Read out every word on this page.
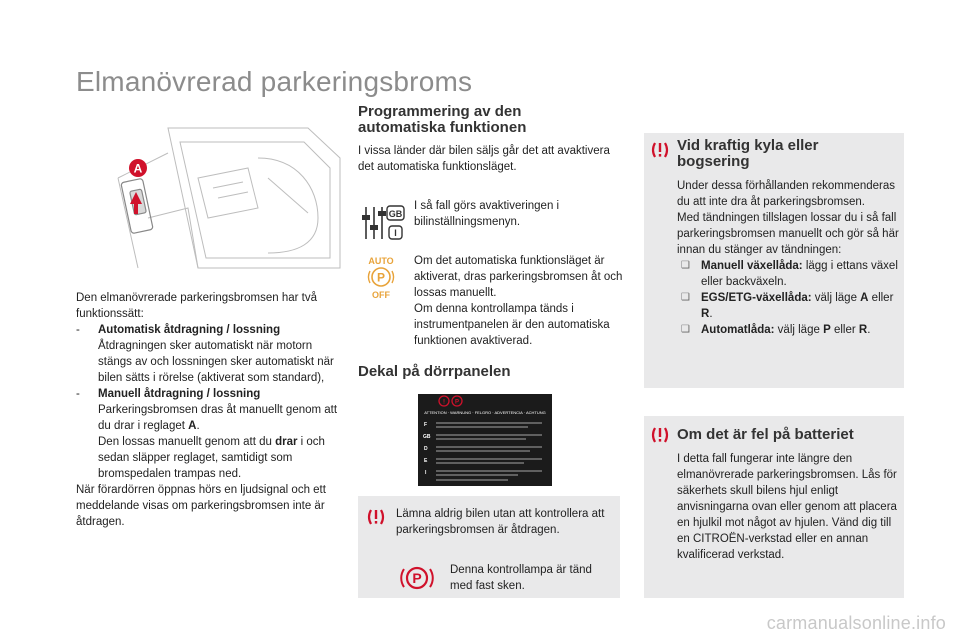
Elmanövrerad parkeringsbroms
A

Den elmanövrerade parkeringsbromsen har två funktionssätt:

-	Automatisk åtdragning / lossning
Åtdragningen sker automatiskt när motorn stängs av och lossningen sker automatiskt när bilen sätts i rörelse (aktiverat som standard),
-	Manuell åtdragning / lossning
Parkeringsbromsen dras åt manuellt genom att du drar i reglaget A.
Den lossas manuellt genom att du drar i och sedan släpper reglaget, samtidigt som bromspedalen trampas ned.

När förardörren öppnas hörs en ljudsignal och ett meddelande visas om parkeringsbromsen inte är åtdragen.

Programmering av den

automatiska funktionen

I vissa länder där bilen säljs går det att avaktivera det automatiska funktionsläget.

GB
I

I så fall görs avaktiveringen i bilinställningsmenyn.

AUTO
P
OFF

Om det automatiska funktionsläget är aktiverat, dras parkeringsbromsen åt och lossas manuellt.

Om denna kontrollampa tänds i instrumentpanelen är den automatiska funktionen avaktiverad.

Dekal på dörrpanelen

! P
ATTENTION · WARNUNG · FELGRO · ADVERTENCIA · ACHTUNG
F
GB
D
E
I

Lämna aldrig bilen utan att kontrollera att parkeringsbromsen är åtdragen.

P Denna kontrollampa är tänd med fast sken.

Vid kraftig kyla eller
bogsering

Under dessa förhållanden rekommenderas du att inte dra åt parkeringsbromsen.

Med tändningen tillslagen lossar du i så fall parkeringsbromsen manuellt och gör så här innan du stänger av tändningen:

❑ Manuell växellåda: lägg i ettans växel eller backväxeln.
❑ EGS/ETG-växellåda: välj läge A eller R.
❑ Automatlåda: välj läge P eller R.
Om det är fel på batteriet

I detta fall fungerar inte längre den elmanövrerade parkeringsbromsen. Lås för säkerhets skull bilens hjul enligt anvisningarna ovan eller genom att placera en hjulkil mot något av hjulen. Vänd dig till en CITROËN-verkstad eller en annan kvalificerad verkstad.

carmanualsonline.info
